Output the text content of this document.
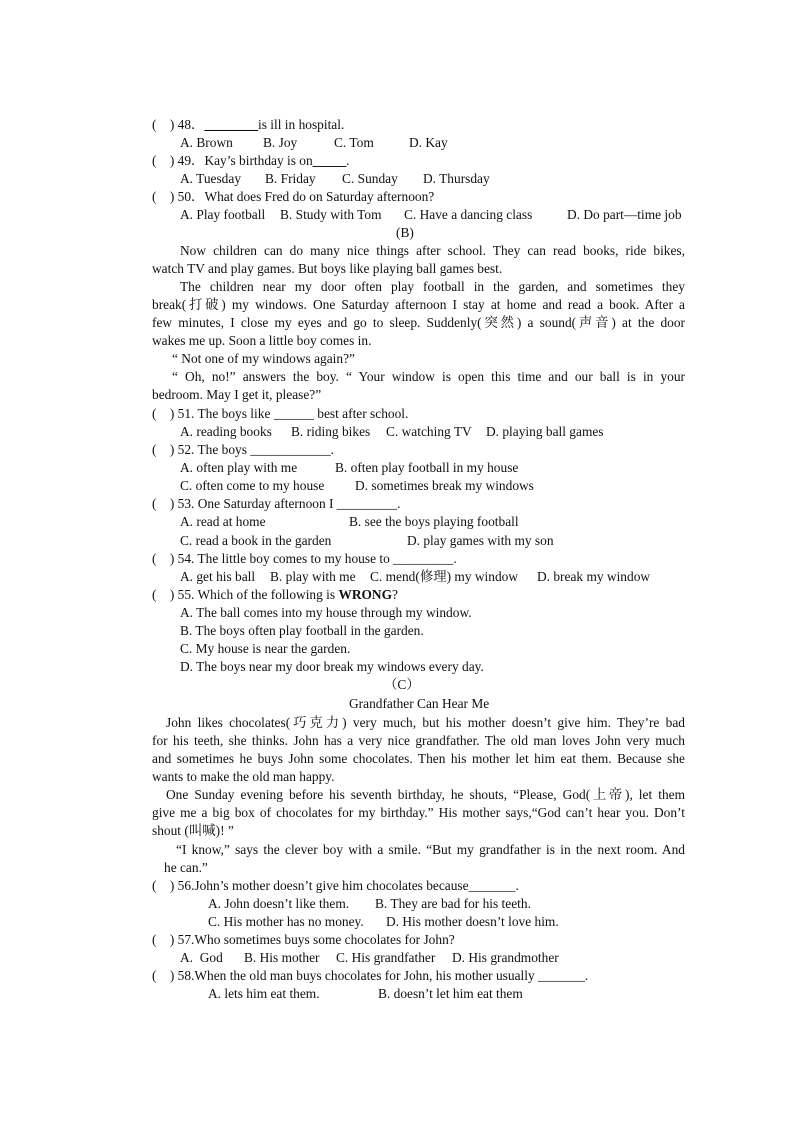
(    ) 48．________is ill in hospital.
A. Brown B. Joy	C. Tom	D. Kay
(    ) 49．Kay’s birthday is on_____.
A. Tuesday B. Friday C. Sunday D. Thursday
(    ) 50．What does Fred do on Saturday afternoon?
A. Play football B. Study with Tom C. Have a dancing class	D. Do part—time job
(B)
Now children can do many nice things after school. They can read books, ride bikes,
watch TV and play games. But boys like playing ball games best.
The children near my door often play football in the garden, and sometimes they
break(打破) my windows. One Saturday afternoon I stay at home and read a book. After a
few minutes, I close my eyes and go to sleep. Suddenly(突然) a sound(声音) at the door
wakes me up. Soon a little boy comes in.
“ Not one of my windows again?”
“ Oh, no!” answers the boy. “ Your window is open this time and our ball is in your
bedroom. May I get it, please?”
(    ) 51. The boys like ______ best after school.
A. reading books B. riding bikes C. watching TV D. playing ball games
(    ) 52. The boys ____________.
A. often play with me	B. often play football in my house
C. often come to my house D. sometimes break my windows
(    ) 53. One Saturday afternoon I _________.
A. read at home	B. see the boys playing football
C. read a book in the garden	D. play games with my son
(    ) 54. The little boy comes to my house to _________.
A. get his ball B. play with me C. mend(修理) my window D. break my window
(    ) 55. Which of the following is WRONG?
A. The ball comes into my house through my window.
B. The boys often play football in the garden.
C. My house is near the garden.
D. The boys near my door break my windows every day.
（C）
Grandfather Can Hear Me
John likes chocolates(巧克力) very much, but his mother doesn’t give him. They’re bad
for his teeth, she thinks. John has a very nice grandfather. The old man loves John very much
and sometimes he buys John some chocolates. Then his mother let him eat them. Because she
wants to make the old man happy.
One Sunday evening before his seventh birthday, he shouts, “Please, God(上帝), let them
give me a big box of chocolates for my birthday.” His mother says,“God can’t hear you. Don’t
shout (叫喊)! ”
“I know,” says the clever boy with a smile. “But my grandfather is in the next room. And
he can.”
(    ) 56.John’s mother doesn’t give him chocolates because_______.
A. John doesn’t like them. B. They are bad for his teeth.
C. His mother has no money. D. His mother doesn’t love him.
(    ) 57.Who sometimes buys some chocolates for John?
A.  God B. His mother C. His grandfather D. His grandmother
(    ) 58.When the old man buys chocolates for John, his mother usually _______.
A. lets him eat them.	B. doesn’t let him eat them
